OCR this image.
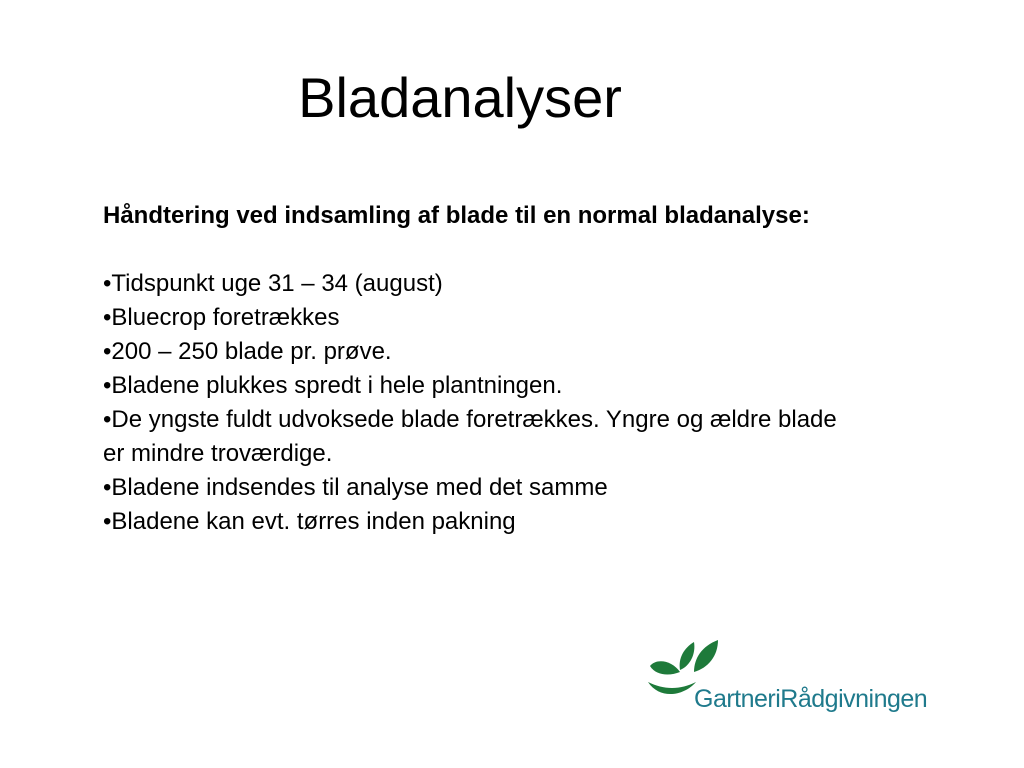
Bladanalyser

Håndtering ved indsamling af blade til en normal bladanalyse:

•Tidspunkt uge 31 – 34 (august)
•Bluecrop foretrækkes
•200 – 250 blade pr. prøve.
•Bladene plukkes spredt i hele plantningen.
•De yngste fuldt udvoksede blade foretrækkes. Yngre og ældre blade er mindre troværdige.
•Bladene indsendes til analyse med det samme
•Bladene kan evt. tørres inden pakning
GartneriRådgivningen
